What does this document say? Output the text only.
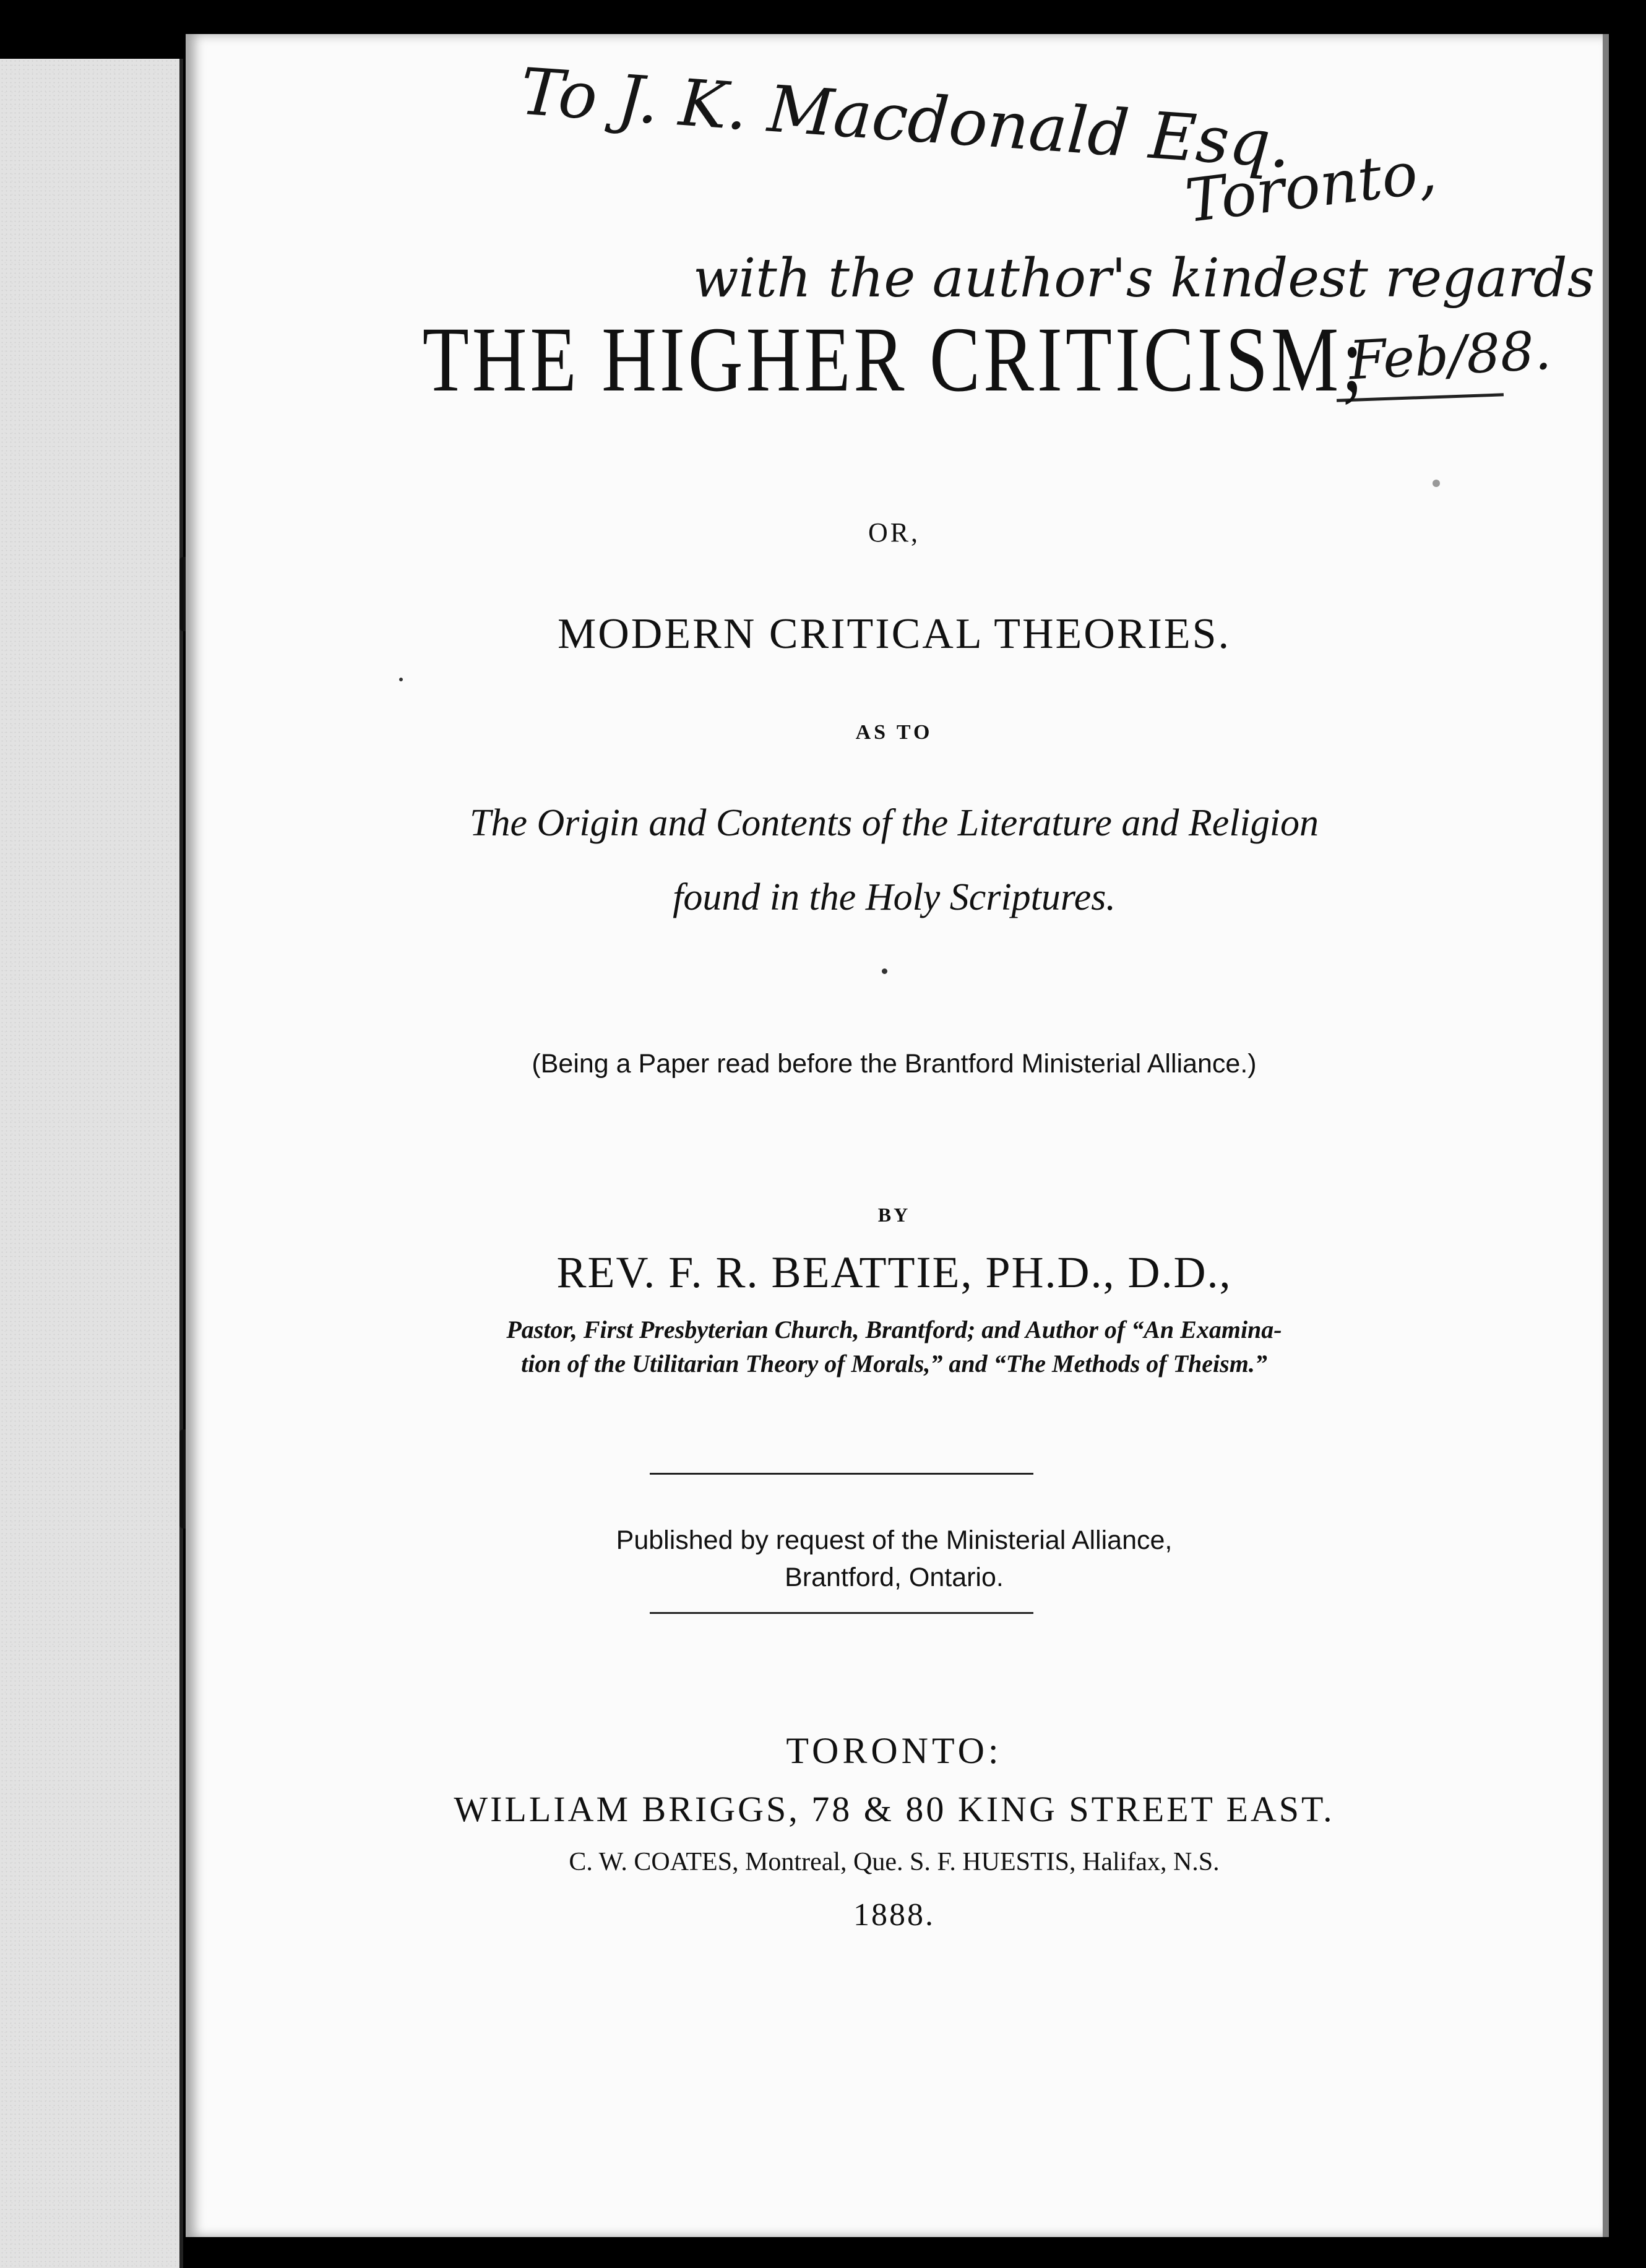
To J. K. Macdonald Esq.
Toronto,
with the author's kindest regards
Feb/88.
THE HIGHER CRITICISM;
OR,
MODERN CRITICAL THEORIES.
AS TO
The Origin and Contents of the Literature and Religion
found in the Holy Scriptures.
(Being a Paper read before the Brantford Ministerial Alliance.)
BY
REV. F. R. BEATTIE, PH.D., D.D.,
Pastor, First Presbyterian Church, Brantford; and Author of “An Examina-
tion of the Utilitarian Theory of Morals,” and “The Methods of Theism.”
Published by request of the Ministerial Alliance,
Brantford, Ontario.
TORONTO:
WILLIAM BRIGGS, 78 & 80 KING STREET EAST.
C. W. COATES, Montreal, Que. S. F. HUESTIS, Halifax, N.S.
1888.
